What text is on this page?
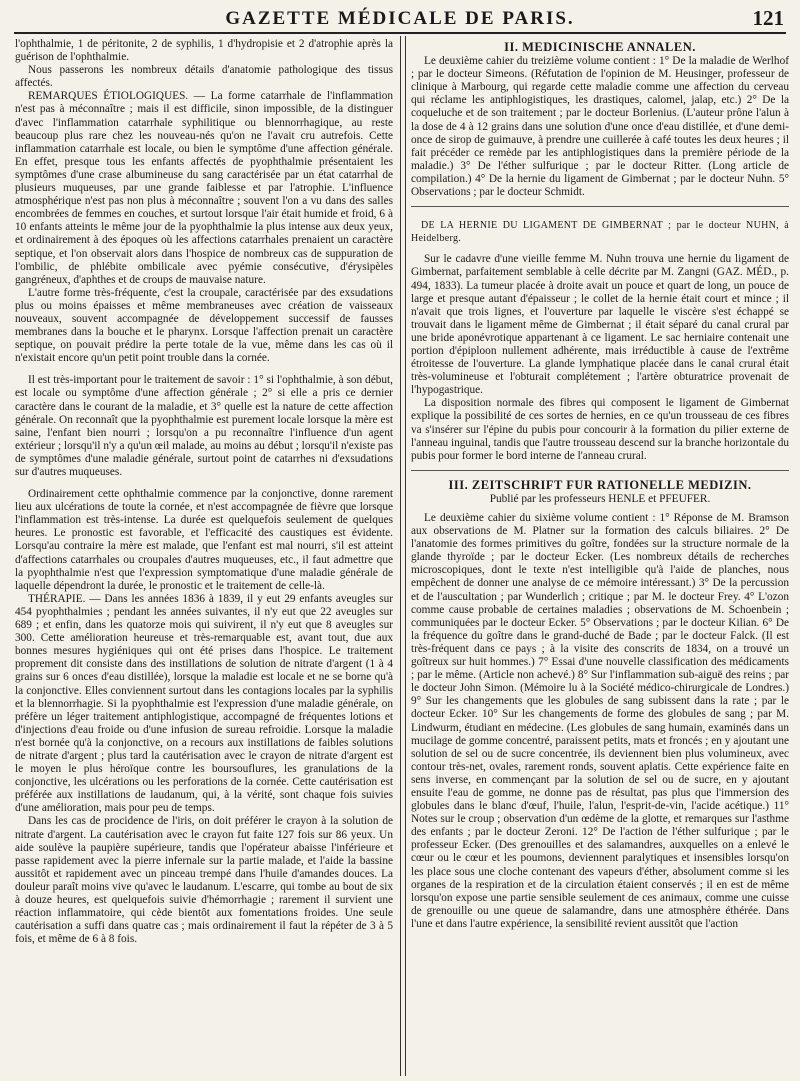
GAZETTE MÉDICALE DE PARIS.	121

l'ophthalmie, 1 de péritonite, 2 de syphilis, 1 d'hydropisie et 2 d'atrophie après la guérison de l'ophthalmie.

Nous passerons les nombreux détails d'anatomie pathologique des tissus affectés.

REMARQUES ÉTIOLOGIQUES. — La forme catarrhale de l'inflammation n'est pas à méconnaître ; mais il est difficile, sinon impossible, de la distinguer d'avec l'inflammation catarrhale syphilitique ou blennorrhagique, au reste beaucoup plus rare chez les nouveau-nés qu'on ne l'avait cru autrefois. Cette inflammation catarrhale est locale, ou bien le symptôme d'une affection générale. En effet, presque tous les enfants affectés de pyophthalmie présentaient les symptômes d'une crase albumineuse du sang caractérisée par un état catarrhal de plusieurs muqueuses, par une grande faiblesse et par l'atrophie. L'influence atmosphérique n'est pas non plus à méconnaître ; souvent l'on a vu dans des salles encombrées de femmes en couches, et surtout lorsque l'air était humide et froid, 6 à 10 enfants atteints le même jour de la pyophthalmie la plus intense aux deux yeux, et ordinairement à des époques où les affections catarrhales prenaient un caractère septique, et l'on observait alors dans l'hospice de nombreux cas de suppuration de l'ombilic, de phlébite ombilicale avec pyémie consécutive, d'érysipèles gangréneux, d'aphthes et de croups de mauvaise nature.

L'autre forme très-fréquente, c'est la croupale, caractérisée par des exsudations plus ou moins épaisses et même membraneuses avec création de vaisseaux nouveaux, souvent accompagnée de développement successif de fausses membranes dans la bouche et le pharynx. Lorsque l'affection prenait un caractère septique, on pouvait prédire la perte totale de la vue, même dans les cas où il n'existait encore qu'un petit point trouble dans la cornée.

Il est très-important pour le traitement de savoir : 1° si l'ophthalmie, à son début, est locale ou symptôme d'une affection générale ; 2° si elle a pris ce dernier caractère dans le courant de la maladie, et 3° quelle est la nature de cette affection générale. On reconnaît que la pyophthalmie est purement locale lorsque la mère est saine, l'enfant bien nourri ; lorsqu'on a pu reconnaître l'influence d'un agent extérieur ; lorsqu'il n'y a qu'un œil malade, au moins au début ; lorsqu'il n'existe pas de symptômes d'une maladie générale, surtout point de catarrhes ni d'exsudations sur d'autres muqueuses.

Ordinairement cette ophthalmie commence par la conjonctive, donne rarement lieu aux ulcérations de toute la cornée, et n'est accompagnée de fièvre que lorsque l'inflammation est très-intense. La durée est quelquefois seulement de quelques heures. Le pronostic est favorable, et l'efficacité des caustiques est évidente. Lorsqu'au contraire la mère est malade, que l'enfant est mal nourri, s'il est atteint d'affections catarrhales ou croupales d'autres muqueuses, etc., il faut admettre que la pyophthalmie n'est que l'expression symptomatique d'une maladie générale de laquelle dépendront la durée, le pronostic et le traitement de celle-là.

THÉRAPIE. — Dans les années 1836 à 1839, il y eut 29 enfants aveugles sur 454 pyophthalmies ; pendant les années suivantes, il n'y eut que 22 aveugles sur 689 ; et enfin, dans les quatorze mois qui suivirent, il n'y eut que 8 aveugles sur 300. Cette amélioration heureuse et très-remarquable est, avant tout, due aux bonnes mesures hygiéniques qui ont été prises dans l'hospice. Le traitement proprement dit consiste dans des instillations de solution de nitrate d'argent (1 à 4 grains sur 6 onces d'eau distillée), lorsque la maladie est locale et ne se borne qu'à la conjonctive. Elles conviennent surtout dans les contagions locales par la syphilis et la blennorrhagie. Si la pyophthalmie est l'expression d'une maladie générale, on préfère un léger traitement antiphlogistique, accompagné de fréquentes lotions et d'injections d'eau froide ou d'une infusion de sureau refroidie. Lorsque la maladie n'est bornée qu'à la conjonctive, on a recours aux instillations de faibles solutions de nitrate d'argent ; plus tard la cautérisation avec le crayon de nitrate d'argent est le moyen le plus héroïque contre les boursouflures, les granulations de la conjonctive, les ulcérations ou les perforations de la cornée. Cette cautérisation est préférée aux instillations de laudanum, qui, à la vérité, sont chaque fois suivies d'une amélioration, mais pour peu de temps.

Dans les cas de procidence de l'iris, on doit préférer le crayon à la solution de nitrate d'argent. La cautérisation avec le crayon fut faite 127 fois sur 86 yeux. Un aide soulève la paupière supérieure, tandis que l'opérateur abaisse l'inférieure et passe rapidement avec la pierre infernale sur la partie malade, et l'aide la bassine aussitôt et rapidement avec un pinceau trempé dans l'huile d'amandes douces. La douleur paraît moins vive qu'avec le laudanum. L'escarre, qui tombe au bout de six à douze heures, est quelquefois suivie d'hémorrhagie ; rarement il survient une réaction inflammatoire, qui cède bientôt aux fomentations froides. Une seule cautérisation a suffi dans quatre cas ; mais ordinairement il faut la répéter de 3 à 5 fois, et même de 6 à 8 fois.

II. MEDICINISCHE ANNALEN.

Le deuxième cahier du treizième volume contient : 1° De la maladie de Werlhof ; par le docteur Simeons. (Réfutation de l'opinion de M. Heusinger, professeur de clinique à Marbourg, qui regarde cette maladie comme une affection du cerveau qui réclame les antiphlogistiques, les drastiques, calomel, jalap, etc.) 2° De la coqueluche et de son traitement ; par le docteur Borlenius. (L'auteur prône l'alun à la dose de 4 à 12 grains dans une solution d'une once d'eau distillée, et d'une demi-once de sirop de guimauve, à prendre une cuillerée à café toutes les deux heures ; il fait précéder ce remède par les antiphlogistiques dans la première période de la maladie.) 3° De l'éther sulfurique ; par le docteur Ritter. (Long article de compilation.) 4° De la hernie du ligament de Gimbernat ; par le docteur Nuhn. 5° Observations ; par le docteur Schmidt.

DE LA HERNIE DU LIGAMENT DE GIMBERNAT ; par le docteur NUHN, à Heidelberg.

Sur le cadavre d'une vieille femme M. Nuhn trouva une hernie du ligament de Gimbernat, parfaitement semblable à celle décrite par M. Zangni (GAZ. MÉD., p. 494, 1833). La tumeur placée à droite avait un pouce et quart de long, un pouce de large et presque autant d'épaisseur ; le collet de la hernie était court et mince ; il n'avait que trois lignes, et l'ouverture par laquelle le viscère s'est échappé se trouvait dans le ligament même de Gimbernat ; il était séparé du canal crural par une bride aponévrotique appartenant à ce ligament. Le sac herniaire contenait une portion d'épiploon nullement adhérente, mais irréductible à cause de l'extrême étroitesse de l'ouverture. La glande lymphatique placée dans le canal crural était très-volumineuse et l'obturait complétement ; l'artère obturatrice provenait de l'hypogastrique.

La disposition normale des fibres qui composent le ligament de Gimbernat explique la possibilité de ces sortes de hernies, en ce qu'un trousseau de ces fibres va s'insérer sur l'épine du pubis pour concourir à la formation du pilier externe de l'anneau inguinal, tandis que l'autre trousseau descend sur la branche horizontale du pubis pour former le bord interne de l'anneau crural.

III. ZEITSCHRIFT FUR RATIONELLE MEDIZIN.
Publié par les professeurs HENLE et PFEUFER.

Le deuxième cahier du sixième volume contient : 1° Réponse de M. Bramson aux observations de M. Platner sur la formation des calculs biliaires. 2° De l'anatomie des formes primitives du goître, fondées sur la structure normale de la glande thyroïde ; par le docteur Ecker. (Les nombreux détails de recherches microscopiques, dont le texte n'est intelligible qu'à l'aide de planches, nous empêchent de donner une analyse de ce mémoire intéressant.) 3° De la percussion et de l'auscultation ; par Wunderlich ; critique ; par M. le docteur Frey. 4° L'ozon comme cause probable de certaines maladies ; observations de M. Schoenbein ; communiquées par le docteur Ecker. 5° Observations ; par le docteur Kilian. 6° De la fréquence du goître dans le grand-duché de Bade ; par le docteur Falck. (Il est très-fréquent dans ce pays ; à la visite des conscrits de 1834, on a trouvé un goîtreux sur huit hommes.) 7° Essai d'une nouvelle classification des médicaments ; par le même. (Article non achevé.) 8° Sur l'inflammation sub-aiguë des reins ; par le docteur John Simon. (Mémoire lu à la Société médico-chirurgicale de Londres.) 9° Sur les changements que les globules de sang subissent dans la rate ; par le docteur Ecker. 10° Sur les changements de forme des globules de sang ; par M. Lindwurm, étudiant en médecine. (Les globules de sang humain, examinés dans un mucilage de gomme concentré, paraissent petits, mats et froncés ; en y ajoutant une solution de sel ou de sucre concentrée, ils deviennent bien plus volumineux, avec contour très-net, ovales, rarement ronds, souvent aplatis. Cette expérience faite en sens inverse, en commençant par la solution de sel ou de sucre, en y ajoutant ensuite l'eau de gomme, ne donne pas de résultat, pas plus que l'immersion des globules dans le blanc d'œuf, l'huile, l'alun, l'esprit-de-vin, l'acide acétique.) 11° Notes sur le croup ; observation d'un œdème de la glotte, et remarques sur l'asthme des enfants ; par le docteur Zeroni. 12° De l'action de l'éther sulfurique ; par le professeur Ecker. (Des grenouilles et des salamandres, auxquelles on a enlevé le cœur ou le cœur et les poumons, deviennent paralytiques et insensibles lorsqu'on les place sous une cloche contenant des vapeurs d'éther, absolument comme si les organes de la respiration et de la circulation étaient conservés ; il en est de même lorsqu'on expose une partie sensible seulement de ces animaux, comme une cuisse de grenouille ou une queue de salamandre, dans une atmosphère éthérée. Dans l'une et dans l'autre expérience, la sensibilité revient aussitôt que l'action
